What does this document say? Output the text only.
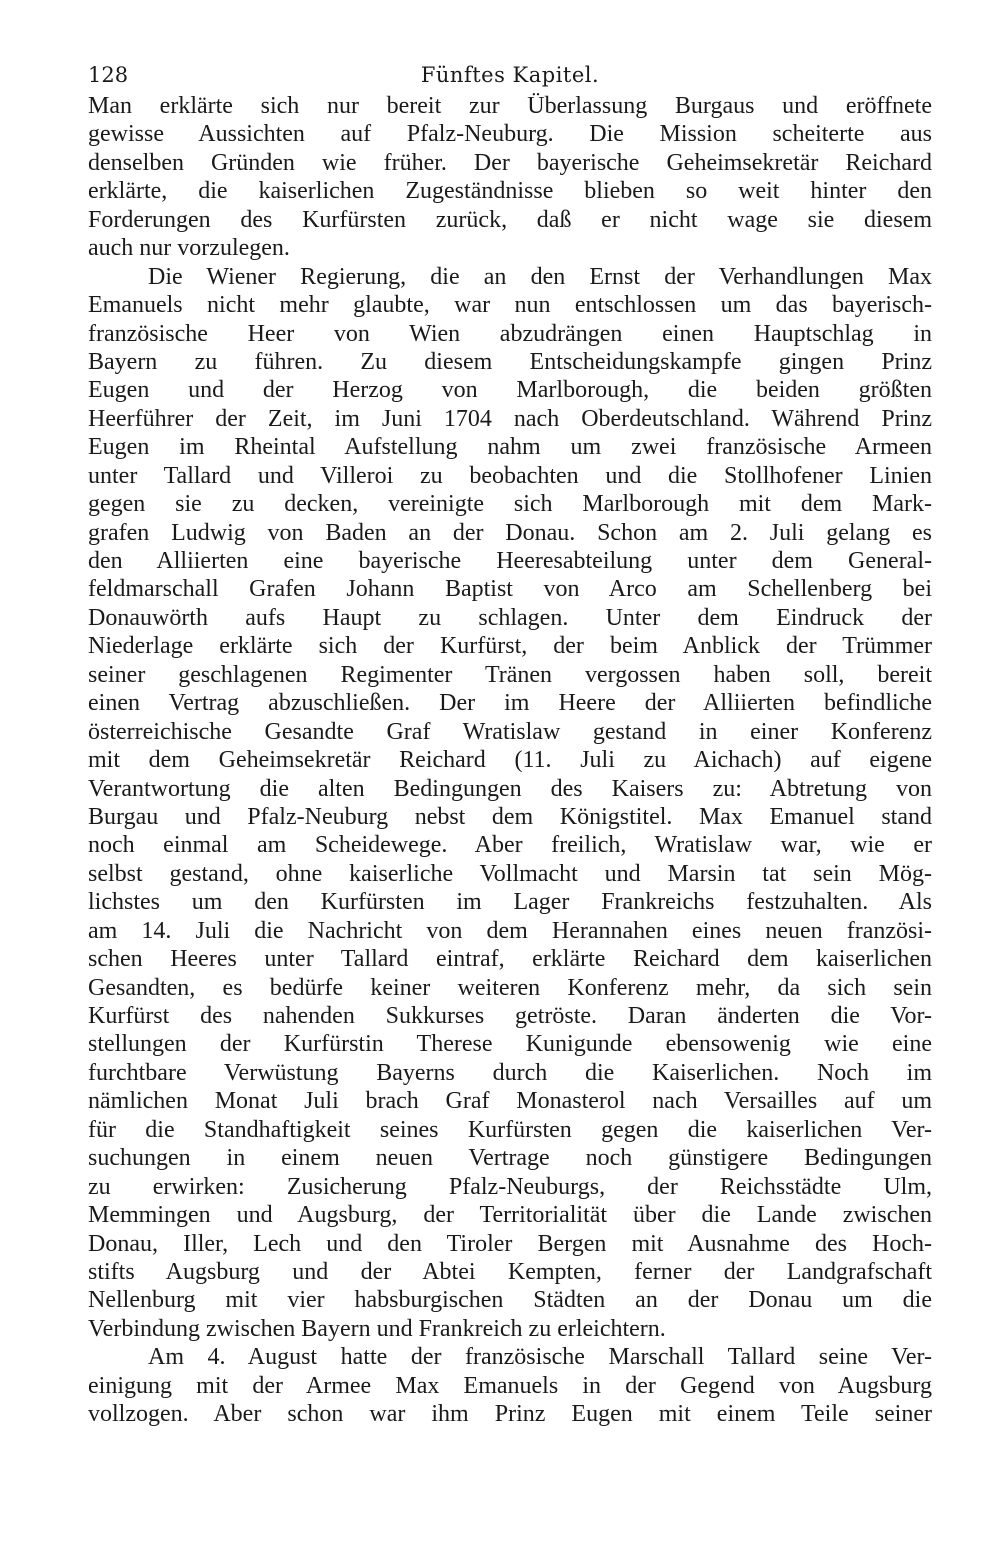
128	Fünftes Kapitel.
Man erklärte sich nur bereit zur Überlassung Burgaus und eröffnete
gewisse Aussichten auf Pfalz-Neuburg. Die Mission scheiterte aus
denselben Gründen wie früher. Der bayerische Geheimsekretär Reichard
erklärte, die kaiserlichen Zugeständnisse blieben so weit hinter den
Forderungen des Kurfürsten zurück, daß er nicht wage sie diesem
auch nur vorzulegen.
Die Wiener Regierung, die an den Ernst der Verhandlungen Max
Emanuels nicht mehr glaubte, war nun entschlossen um das bayerisch-
französische Heer von Wien abzudrängen einen Hauptschlag in
Bayern zu führen. Zu diesem Entscheidungskampfe gingen Prinz
Eugen und der Herzog von Marlborough, die beiden größten
Heerführer der Zeit, im Juni 1704 nach Oberdeutschland. Während Prinz
Eugen im Rheintal Aufstellung nahm um zwei französische Armeen
unter Tallard und Villeroi zu beobachten und die Stollhofener Linien
gegen sie zu decken, vereinigte sich Marlborough mit dem Mark-
grafen Ludwig von Baden an der Donau. Schon am 2. Juli gelang es
den Alliierten eine bayerische Heeresabteilung unter dem General-
feldmarschall Grafen Johann Baptist von Arco am Schellenberg bei
Donauwörth aufs Haupt zu schlagen. Unter dem Eindruck der
Niederlage erklärte sich der Kurfürst, der beim Anblick der Trümmer
seiner geschlagenen Regimenter Tränen vergossen haben soll, bereit
einen Vertrag abzuschließen. Der im Heere der Alliierten befindliche
österreichische Gesandte Graf Wratislaw gestand in einer Konferenz
mit dem Geheimsekretär Reichard (11. Juli zu Aichach) auf eigene
Verantwortung die alten Bedingungen des Kaisers zu: Abtretung von
Burgau und Pfalz-Neuburg nebst dem Königstitel. Max Emanuel stand
noch einmal am Scheidewege. Aber freilich, Wratislaw war, wie er
selbst gestand, ohne kaiserliche Vollmacht und Marsin tat sein Mög-
lichstes um den Kurfürsten im Lager Frankreichs festzuhalten. Als
am 14. Juli die Nachricht von dem Herannahen eines neuen französi-
schen Heeres unter Tallard eintraf, erklärte Reichard dem kaiserlichen
Gesandten, es bedürfe keiner weiteren Konferenz mehr, da sich sein
Kurfürst des nahenden Sukkurses getröste. Daran änderten die Vor-
stellungen der Kurfürstin Therese Kunigunde ebensowenig wie eine
furchtbare Verwüstung Bayerns durch die Kaiserlichen. Noch im
nämlichen Monat Juli brach Graf Monasterol nach Versailles auf um
für die Standhaftigkeit seines Kurfürsten gegen die kaiserlichen Ver-
suchungen in einem neuen Vertrage noch günstigere Bedingungen
zu erwirken: Zusicherung Pfalz-Neuburgs, der Reichsstädte Ulm,
Memmingen und Augsburg, der Territorialität über die Lande zwischen
Donau, Iller, Lech und den Tiroler Bergen mit Ausnahme des Hoch-
stifts Augsburg und der Abtei Kempten, ferner der Landgrafschaft
Nellenburg mit vier habsburgischen Städten an der Donau um die
Verbindung zwischen Bayern und Frankreich zu erleichtern.
Am 4. August hatte der französische Marschall Tallard seine Ver-
einigung mit der Armee Max Emanuels in der Gegend von Augsburg
vollzogen. Aber schon war ihm Prinz Eugen mit einem Teile seiner
